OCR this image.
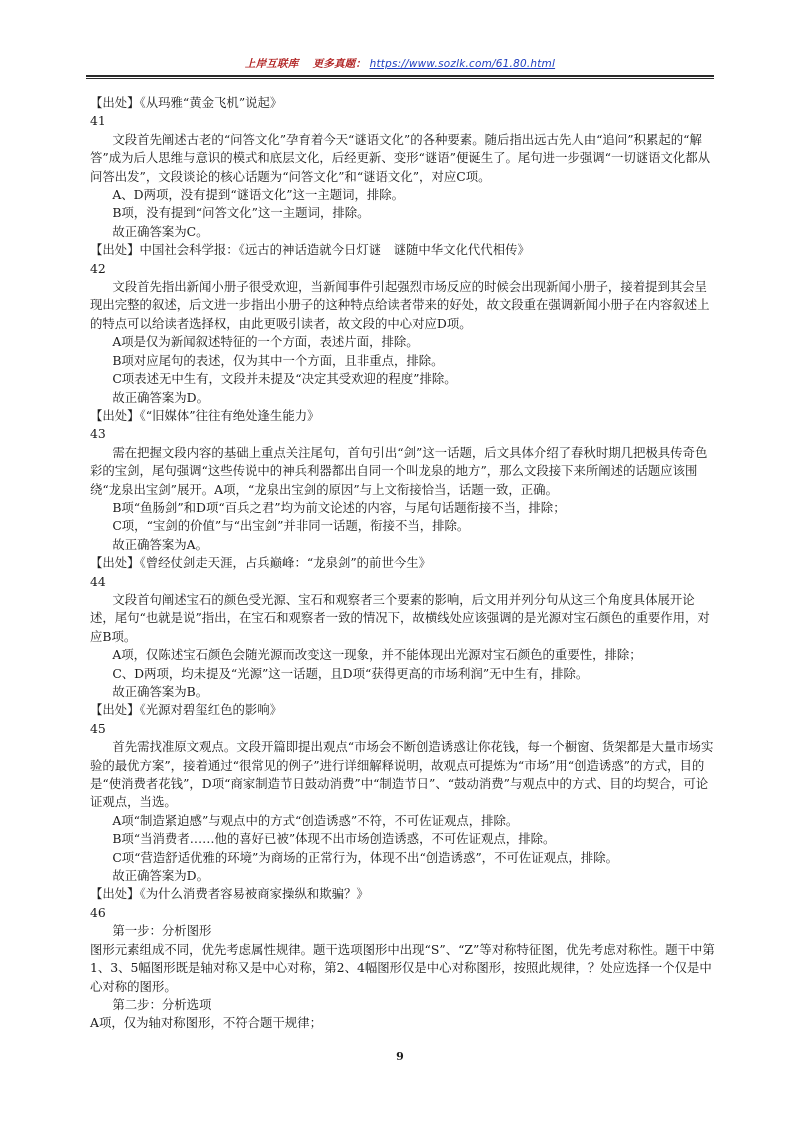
上岸互联库 更多真题： https://www.sozlk.com/61.80.html

【出处】《从玛雅“黄金飞机”说起》

41

文段首先阐述古老的“问答文化”孕育着今天“谜语文化”的各种要素。随后指出远古先人由“追问”积累起的“解答”成为后人思维与意识的模式和底层文化，后经更新、变形“谜语”便诞生了。尾句进一步强调“一切谜语文化都从问答出发”，文段谈论的核心话题为“问答文化”和“谜语文化”，对应C项。

A、D两项，没有提到“谜语文化”这一主题词，排除。

B项，没有提到“问答文化”这一主题词，排除。

故正确答案为C。

【出处】中国社会科学报：《远古的神话造就今日灯谜　谜随中华文化代代相传》

42

文段首先指出新闻小册子很受欢迎，当新闻事件引起强烈市场反应的时候会出现新闻小册子，接着提到其会呈现出完整的叙述，后文进一步指出小册子的这种特点给读者带来的好处，故文段重在强调新闻小册子在内容叙述上的特点可以给读者选择权，由此更吸引读者，故文段的中心对应D项。

A项是仅为新闻叙述特征的一个方面，表述片面，排除。

B项对应尾句的表述，仅为其中一个方面，且非重点，排除。

C项表述无中生有，文段并未提及“决定其受欢迎的程度”排除。

故正确答案为D。

【出处】《“旧媒体”往往有绝处逢生能力》

43

需在把握文段内容的基础上重点关注尾句，首句引出“剑”这一话题，后文具体介绍了春秋时期几把极具传奇色彩的宝剑，尾句强调“这些传说中的神兵利器都出自同一个叫龙泉的地方”，那么文段接下来所阐述的话题应该围绕“龙泉出宝剑”展开。A项，“龙泉出宝剑的原因”与上文衔接恰当，话题一致，正确。

B项“鱼肠剑”和D项“百兵之君”均为前文论述的内容，与尾句话题衔接不当，排除；

C项，“宝剑的价值”与“出宝剑”并非同一话题，衔接不当，排除。

故正确答案为A。

【出处】《曾经仗剑走天涯，占兵巅峰：“龙泉剑”的前世今生》

44

文段首句阐述宝石的颜色受光源、宝石和观察者三个要素的影响，后文用并列分句从这三个角度具体展开论述，尾句“也就是说”指出，在宝石和观察者一致的情况下，故横线处应该强调的是光源对宝石颜色的重要作用，对应B项。

A项，仅陈述宝石颜色会随光源而改变这一现象，并不能体现出光源对宝石颜色的重要性，排除；

C、D两项，均未提及“光源”这一话题，且D项“获得更高的市场利润”无中生有，排除。

故正确答案为B。

【出处】《光源对碧玺红色的影响》

45

首先需找准原文观点。文段开篇即提出观点“市场会不断创造诱惑让你花钱，每一个橱窗、货架都是大量市场实验的最优方案”，接着通过“很常见的例子”进行详细解释说明，故观点可提炼为“市场”用“创造诱惑”的方式，目的是“使消费者花钱”，D项“商家制造节日鼓动消费”中“制造节日”、“鼓动消费”与观点中的方式、目的均契合，可论证观点，当选。

A项“制造紧迫感”与观点中的方式“创造诱惑”不符，不可佐证观点，排除。

B项“当消费者……他的喜好已被”体现不出市场创造诱惑，不可佐证观点，排除。

C项“营造舒适优雅的环境”为商场的正常行为，体现不出“创造诱惑”，不可佐证观点，排除。

故正确答案为D。

【出处】《为什么消费者容易被商家操纵和欺骗？》

46

第一步：分析图形

图形元素组成不同，优先考虑属性规律。题干选项图形中出现“S”、“Z”等对称特征图，优先考虑对称性。题干中第1、3、5幅图形既是轴对称又是中心对称，第2、4幅图形仅是中心对称图形，按照此规律，？处应选择一个仅是中心对称的图形。

第二步：分析选项

A项，仅为轴对称图形，不符合题干规律；

9
